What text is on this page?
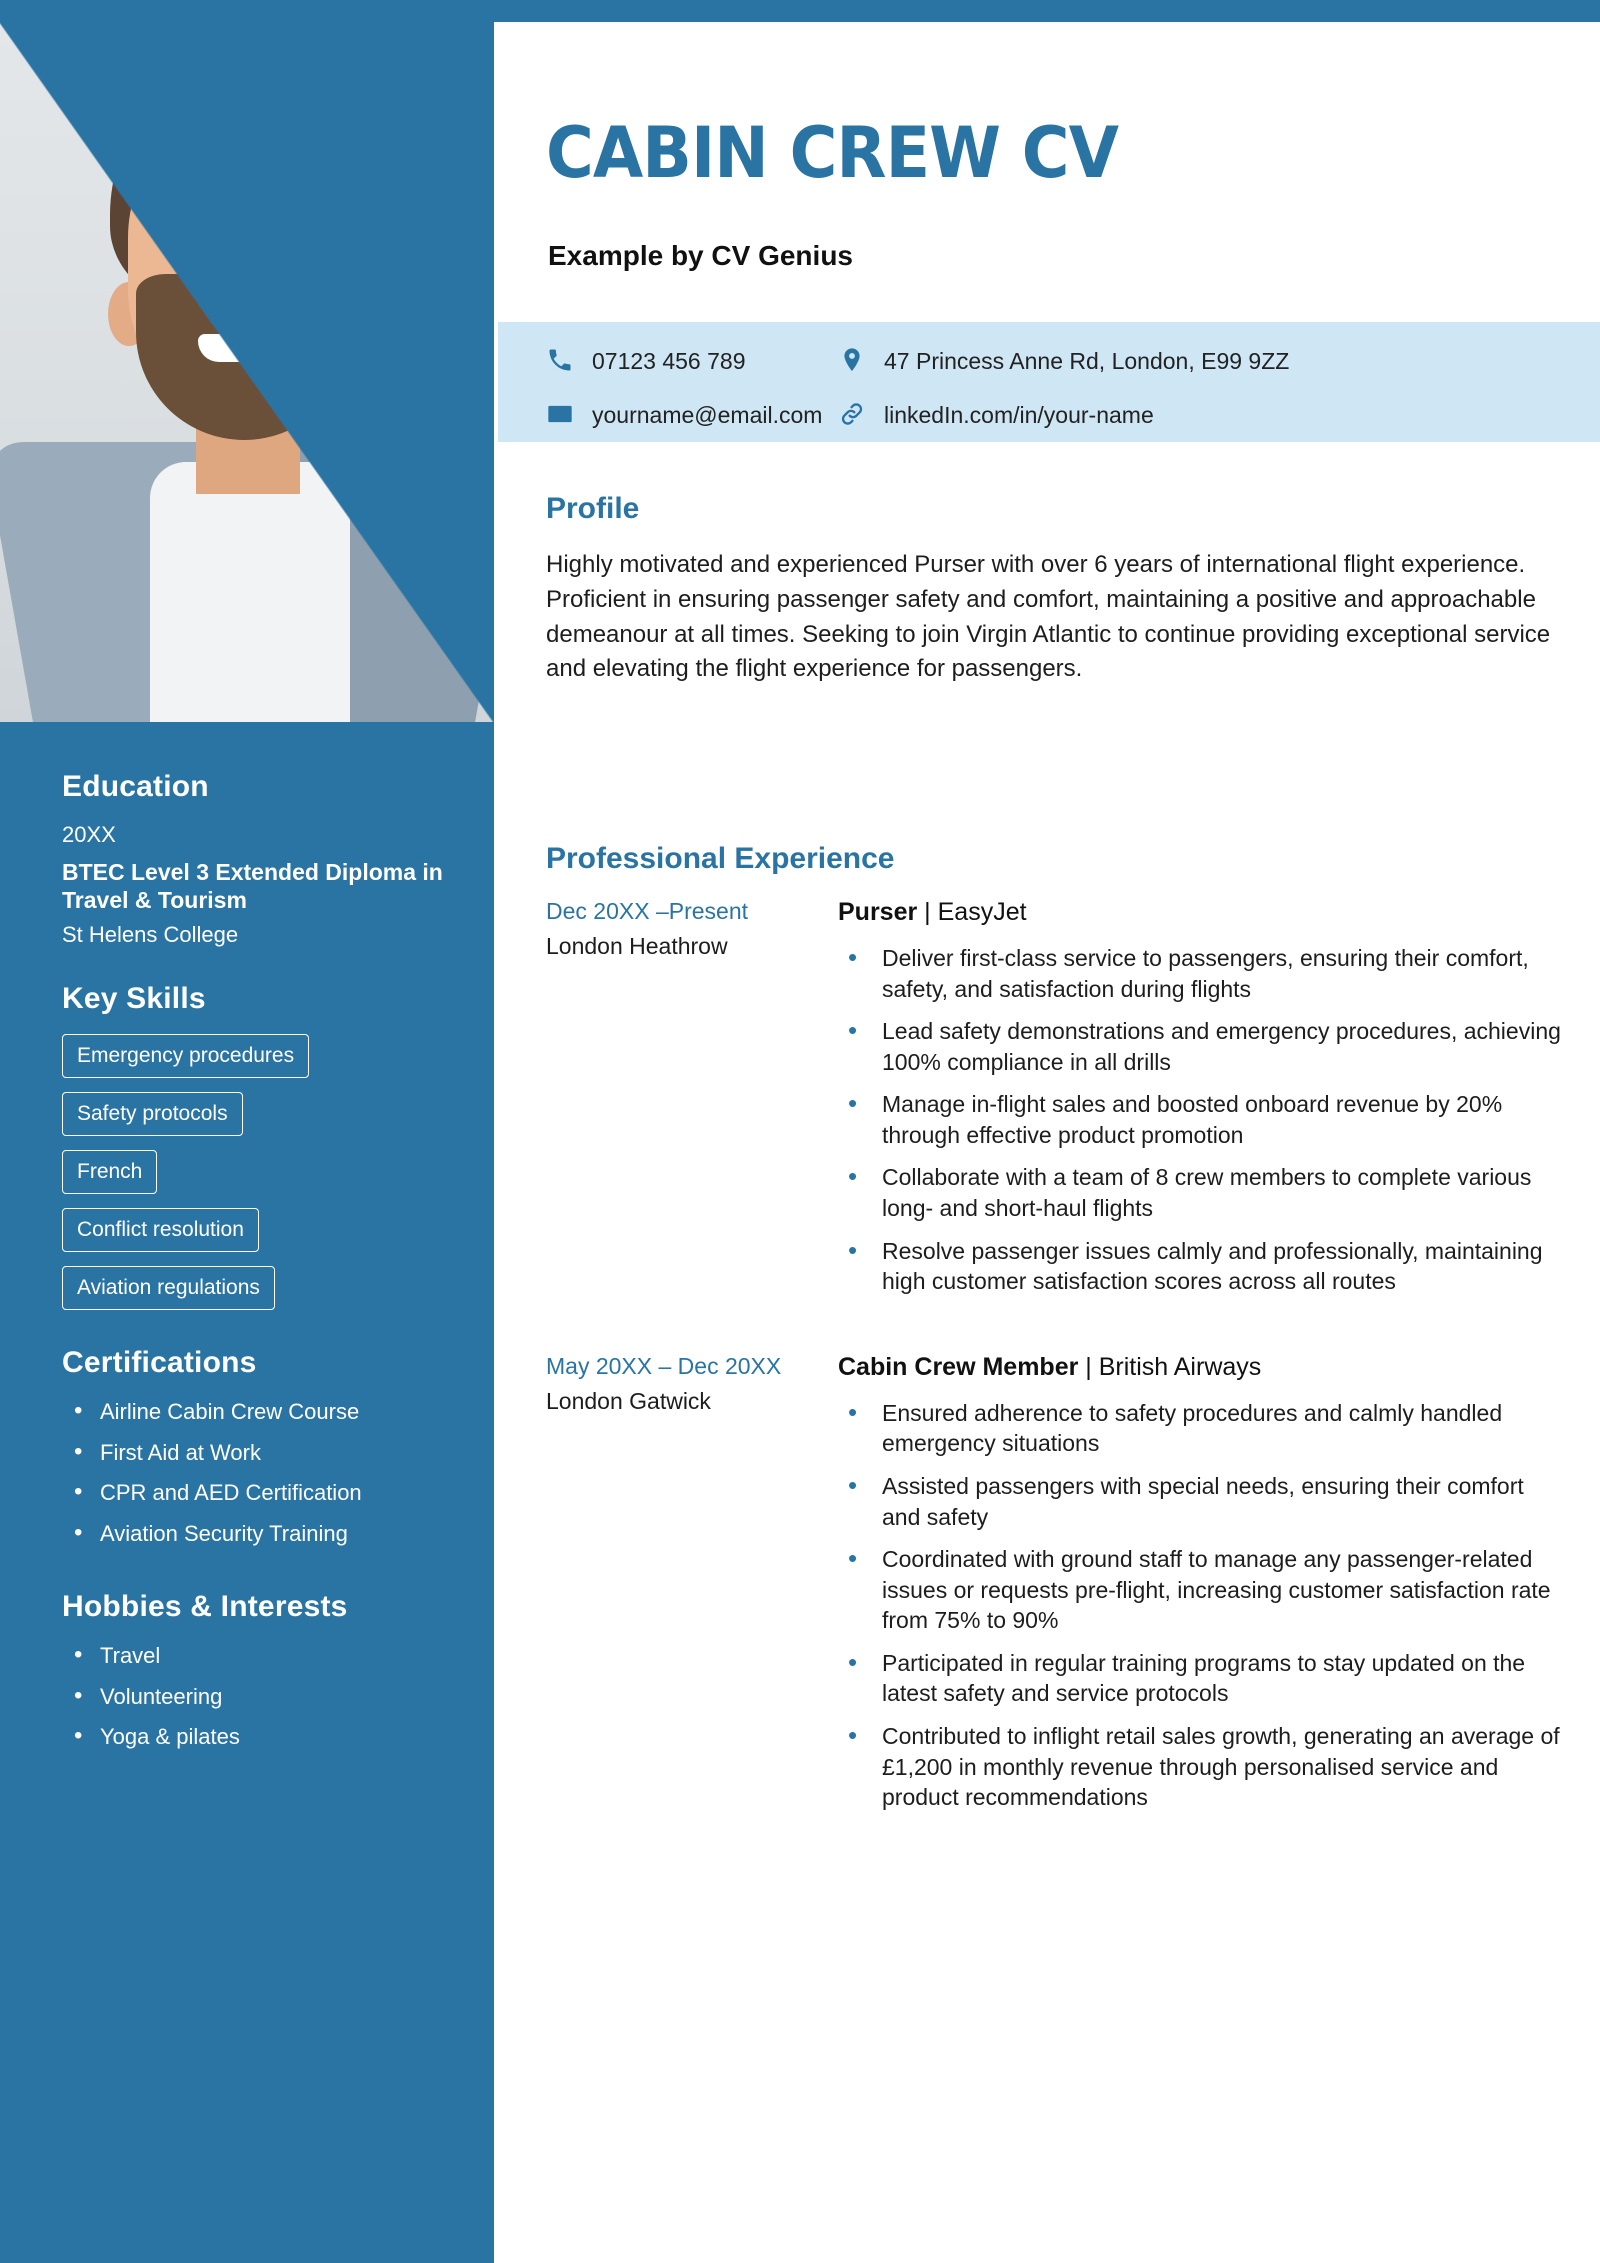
Education
20XX
BTEC Level 3 Extended Diploma in Travel & Tourism
St Helens College
Key Skills
Emergency procedures
Safety protocols
French
Conflict resolution
Aviation regulations
Certifications
• Airline Cabin Crew Course
• First Aid at Work
• CPR and AED Certification
• Aviation Security Training
Hobbies & Interests
• Travel
• Volunteering
• Yoga & pilates
CABIN CREW CV
Example by CV Genius
07123 456 789	47 Princess Anne Rd, London, E99 9ZZ
yourname@email.com	linkedIn.com/in/your-name
Profile
Highly motivated and experienced Purser with over 6 years of international flight experience. Proficient in ensuring passenger safety and comfort, maintaining a positive and approachable demeanour at all times. Seeking to join Virgin Atlantic to continue providing exceptional service and elevating the flight experience for passengers.
Professional Experience
Dec 20XX –Present
London Heathrow
Purser | EasyJet
• Deliver first-class service to passengers, ensuring their comfort, safety, and satisfaction during flights
• Lead safety demonstrations and emergency procedures, achieving 100% compliance in all drills
• Manage in-flight sales and boosted onboard revenue by 20% through effective product promotion
• Collaborate with a team of 8 crew members to complete various long- and short-haul flights
• Resolve passenger issues calmly and professionally, maintaining high customer satisfaction scores across all routes
May 20XX – Dec 20XX
London Gatwick
Cabin Crew Member | British Airways
• Ensured adherence to safety procedures and calmly handled emergency situations
• Assisted passengers with special needs, ensuring their comfort and safety
• Coordinated with ground staff to manage any passenger-related issues or requests pre-flight, increasing customer satisfaction rate from 75% to 90%
• Participated in regular training programs to stay updated on the latest safety and service protocols
• Contributed to inflight retail sales growth, generating an average of £1,200 in monthly revenue through personalised service and product recommendations
